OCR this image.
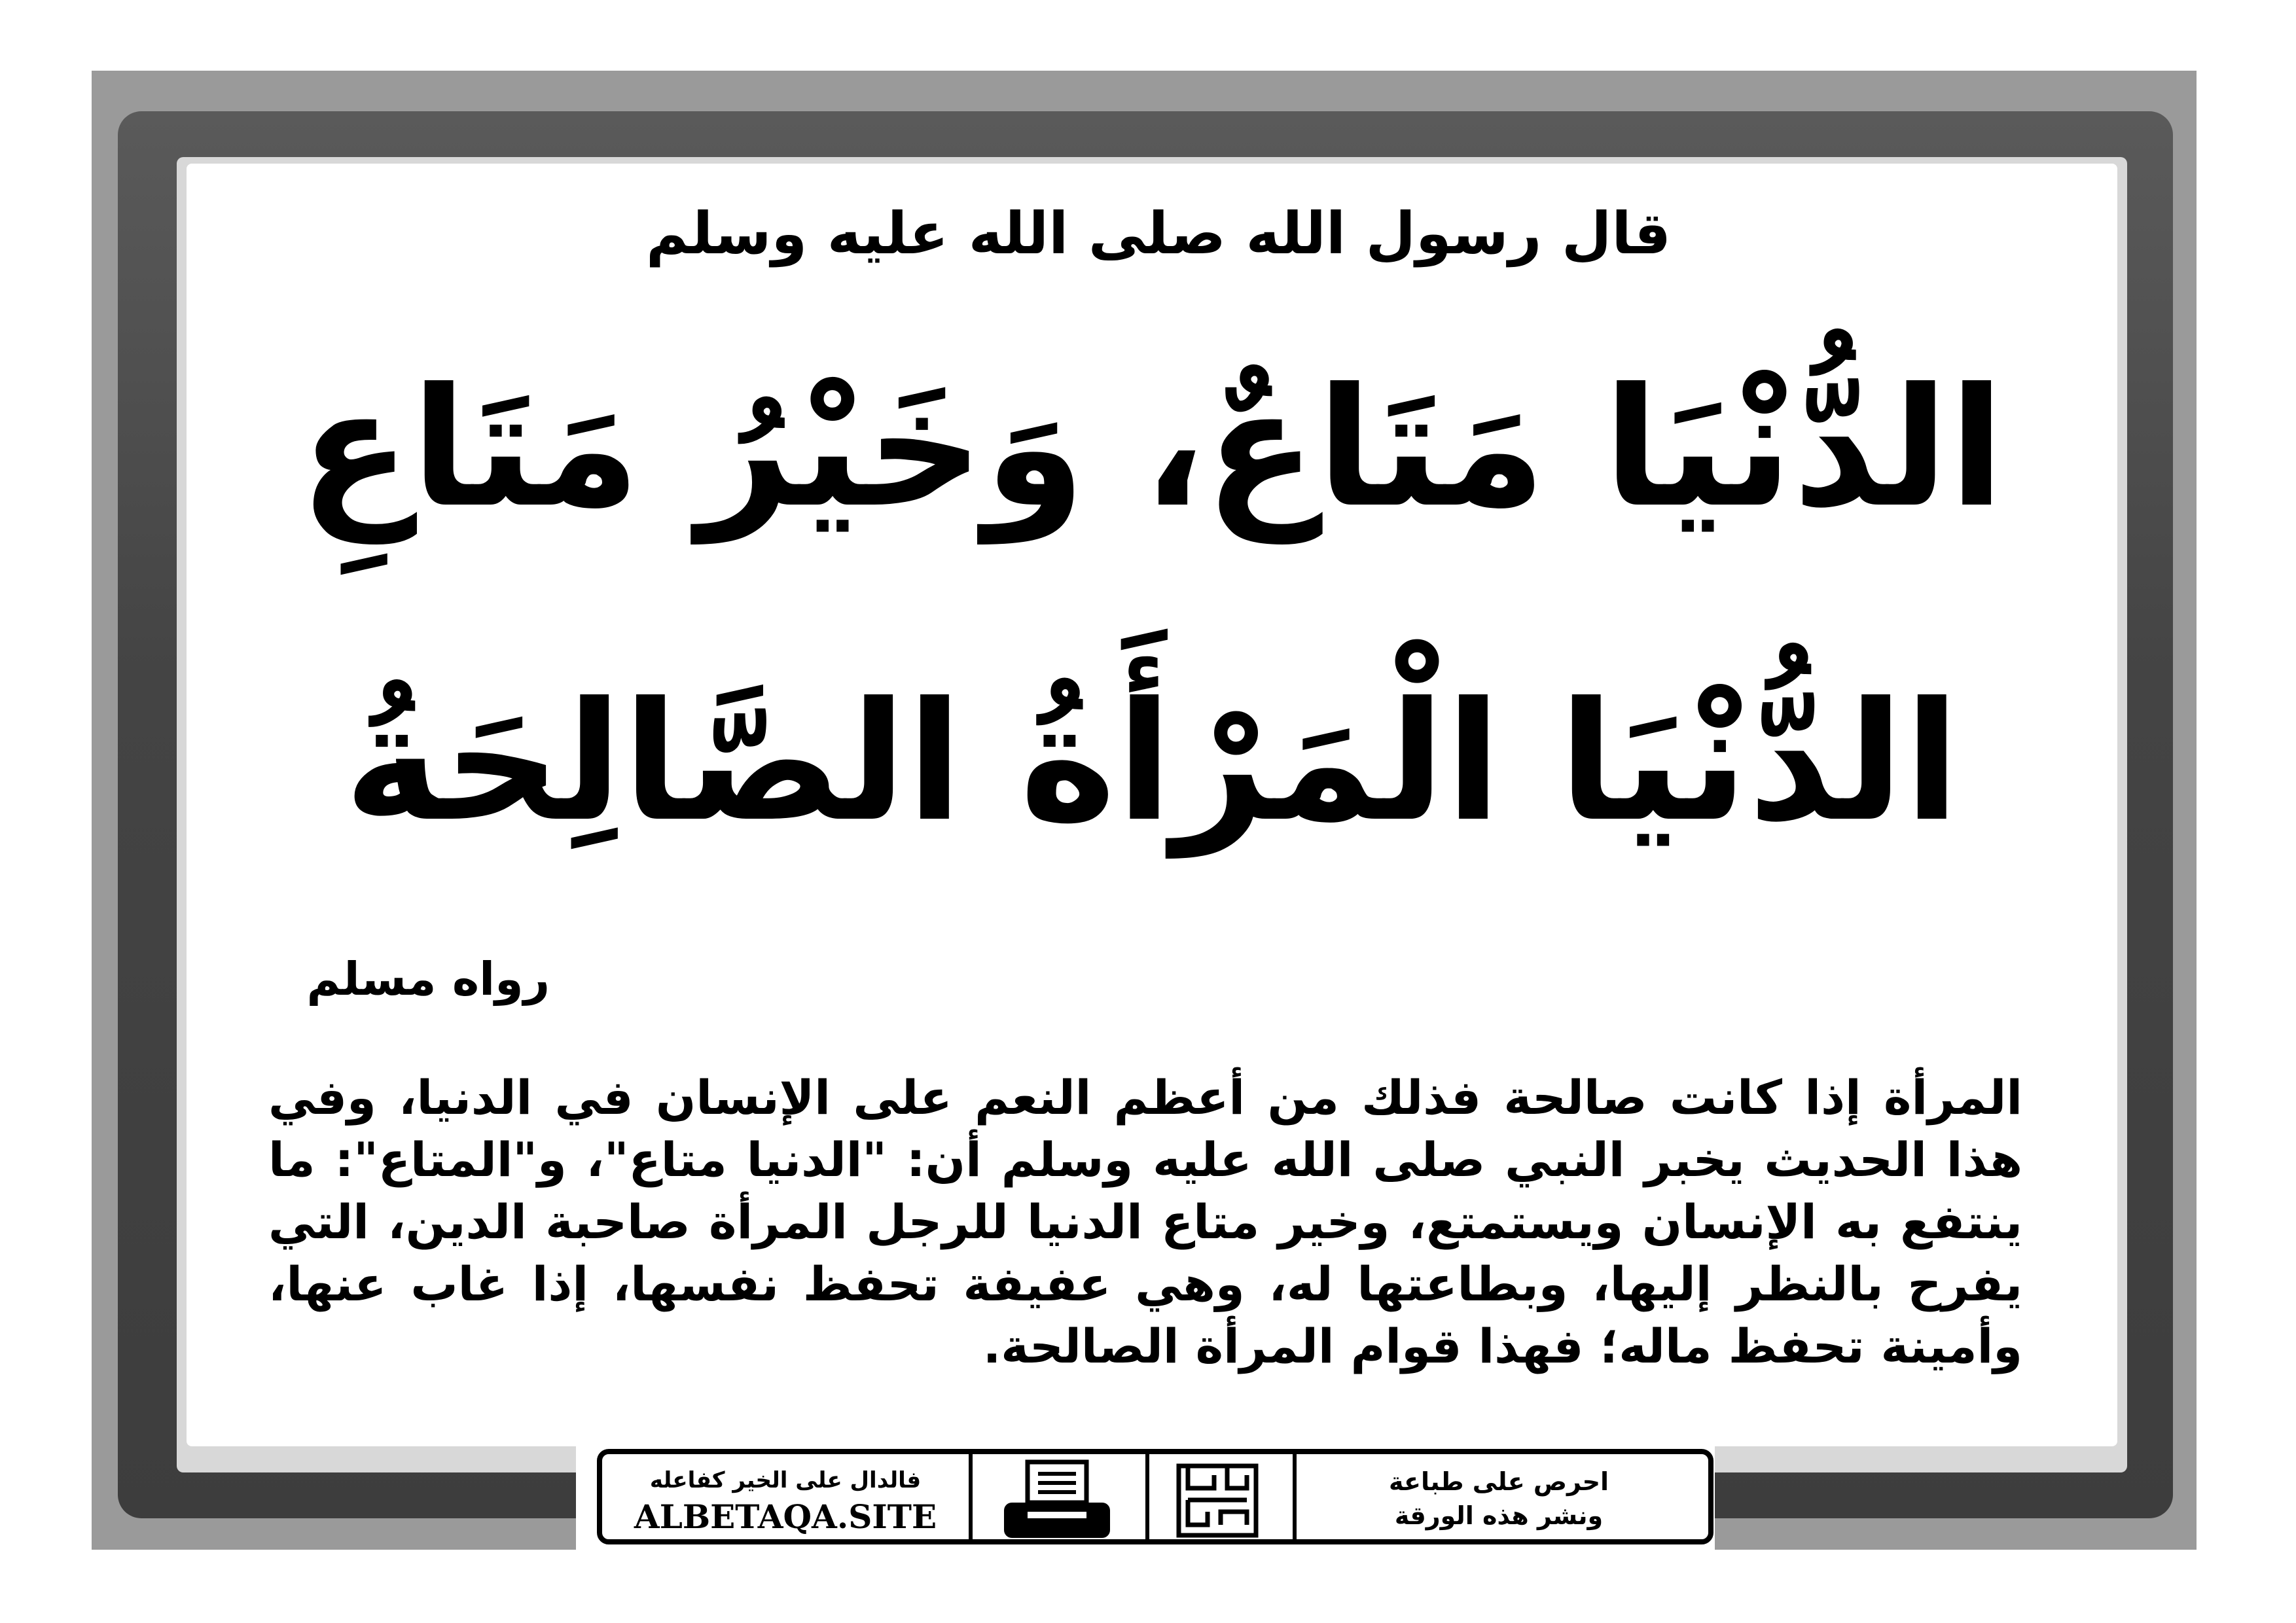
قال رسول الله صلى الله عليه وسلم
الدُّنْيَا مَتَاعٌ، وَخَيْرُ مَتَاعِ
الدُّنْيَا الْمَرْأَةُ الصَّالِحَةُ
رواه مسلم
المرأة إذا كانت صالحة فذلك من أعظم النعم على الإنسان في الدنيا، وفي هذا الحديث يخبر النبي صلى الله عليه وسلم أن: "الدنيا متاع"، و"المتاع": ما ينتفع به الإنسان ويستمتع، وخير متاع الدنيا للرجل المرأة صاحبة الدين، التي يفرح بالنظر إليها، وبطاعتها له، وهي عفيفة تحفظ نفسها، إذا غاب عنها، وأمينة تحفظ ماله؛ فهذا قوام المرأة الصالحة.
فالدال على الخير كفاعله
ALBETAQA.SITE
احرص على طباعة
ونشر هذه الورقة
